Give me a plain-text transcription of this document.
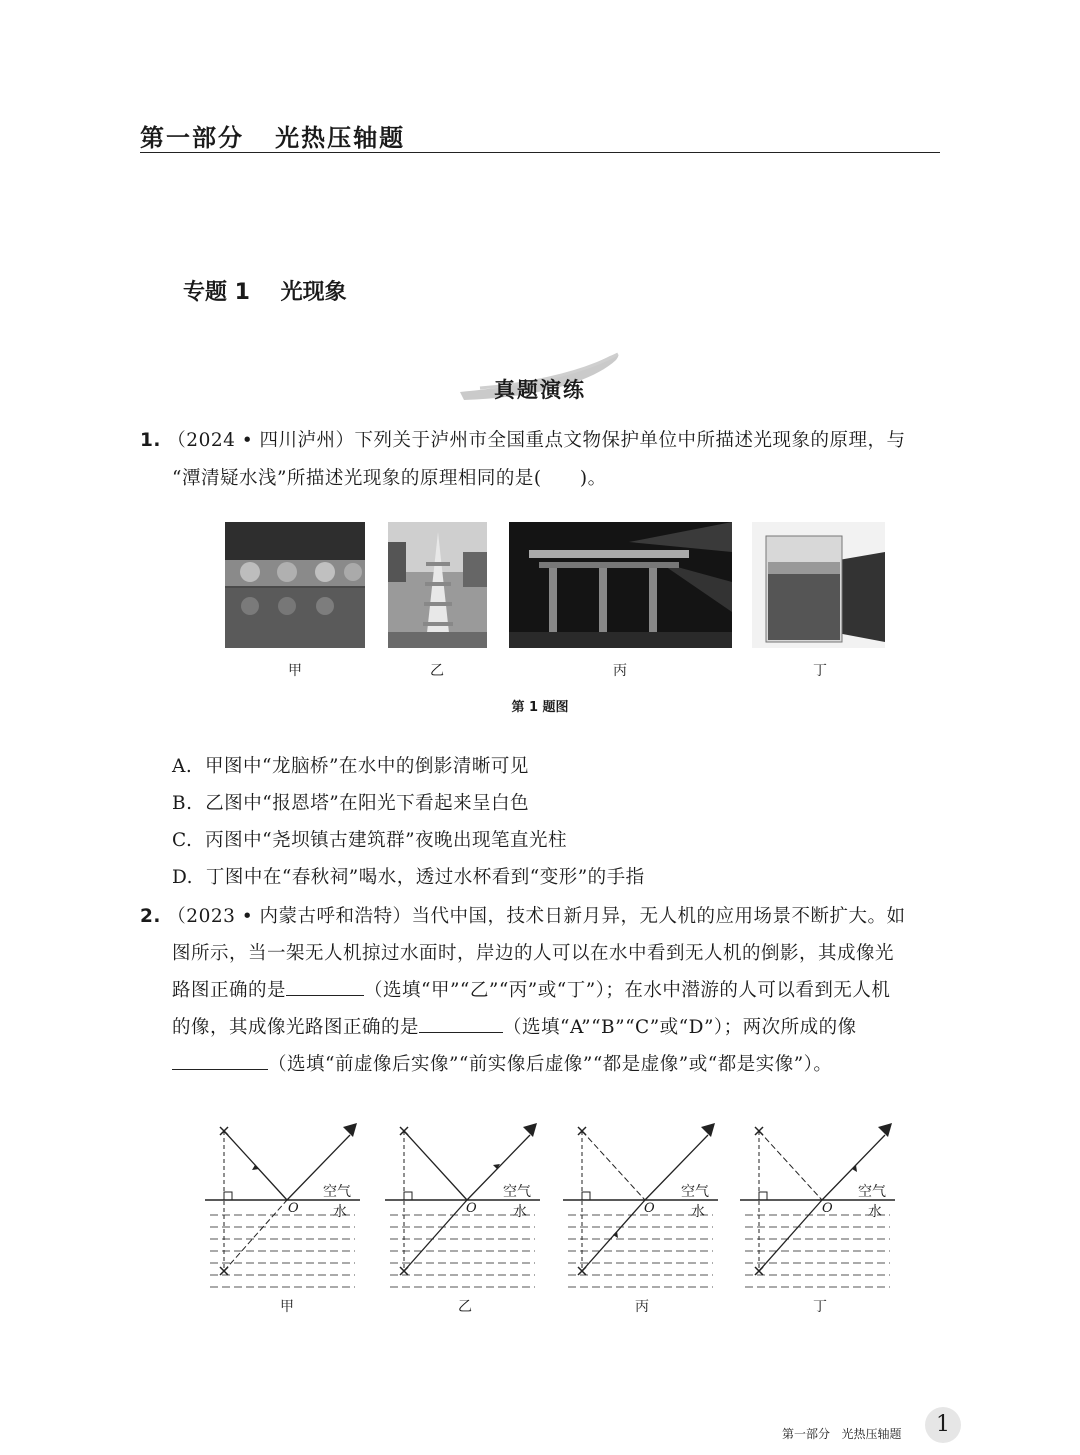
第一部分   光热压轴题
专题 1    光现象
真题演练
1. （2024 • 四川泸州）下列关于泸州市全国重点文物保护单位中所描述光现象的原理，与
“潭清疑水浅”所描述光现象的原理相同的是(      )。
甲	乙	丙	丁
第 1 题图
A.  甲图中“龙脑桥”在水中的倒影清晰可见
B.  乙图中“报恩塔”在阳光下看起来呈白色
C.  丙图中“尧坝镇古建筑群”夜晚出现笔直光柱
D.  丁图中在“春秋祠”喝水，透过水杯看到“变形”的手指
2. （2023 • 内蒙古呼和浩特）当代中国，技术日新月异，无人机的应用场景不断扩大。如
图所示，当一架无人机掠过水面时，岸边的人可以在水中看到无人机的倒影，其成像光
路图正确的是	（选填“甲”“乙”“丙”或“丁”）；在水中潜游的人可以看到无人机
的像，其成像光路图正确的是	（选填“A”“B”“C”或“D”）；两次所成的像
（选填“前虚像后实像”“前实像后虚像”“都是虚像”或“都是实像”）。
空气
水
O
空气
水
O
空气
水
O
空气
水
O
甲	乙	丙	丁
第一部分   光热压轴题	1
